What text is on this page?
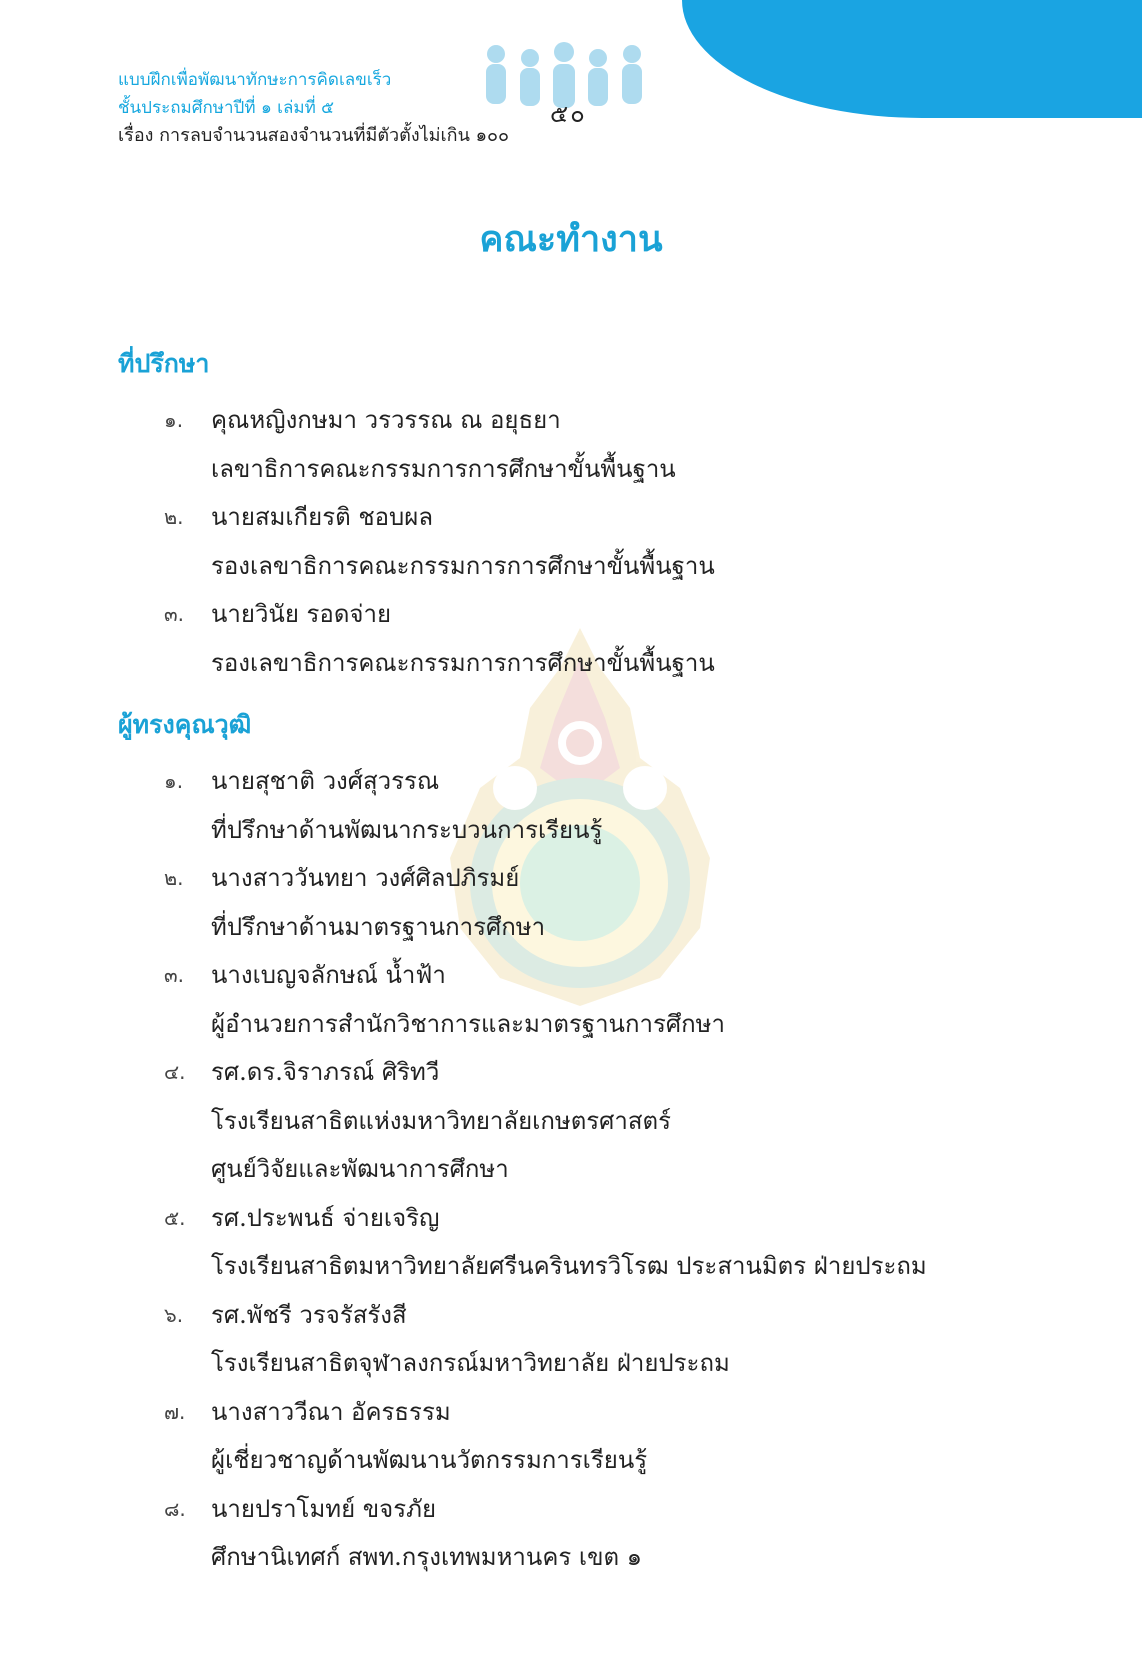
แบบฝึกเพื่อพัฒนาทักษะการคิดเลขเร็ว
ชั้นประถมศึกษาปีที่ ๑ เล่มที่ ๕
เรื่อง การลบจำนวนสองจำนวนที่มีตัวตั้งไม่เกิน ๑๐๐
๕๐
คณะทำงาน
ที่ปรึกษา
๑. คุณหญิงกษมา วรวรรณ ณ อยุธยา
เลขาธิการคณะกรรมการการศึกษาขั้นพื้นฐาน
๒. นายสมเกียรติ ชอบผล
รองเลขาธิการคณะกรรมการการศึกษาขั้นพื้นฐาน
๓. นายวินัย รอดจ่าย
รองเลขาธิการคณะกรรมการการศึกษาขั้นพื้นฐาน
ผู้ทรงคุณวุฒิ
๑. นายสุชาติ วงศ์สุวรรณ
ที่ปรึกษาด้านพัฒนากระบวนการเรียนรู้
๒. นางสาววันทยา วงศ์ศิลปภิรมย์
ที่ปรึกษาด้านมาตรฐานการศึกษา
๓. นางเบญจลักษณ์ น้ำฟ้า
ผู้อำนวยการสำนักวิชาการและมาตรฐานการศึกษา
๔. รศ.ดร.จิราภรณ์ ศิริทวี
โรงเรียนสาธิตแห่งมหาวิทยาลัยเกษตรศาสตร์
ศูนย์วิจัยและพัฒนาการศึกษา
๕. รศ.ประพนธ์ จ่ายเจริญ
โรงเรียนสาธิตมหาวิทยาลัยศรีนครินทรวิโรฒ ประสานมิตร ฝ่ายประถม
๖. รศ.พัชรี วรจรัสรังสี
โรงเรียนสาธิตจุฬาลงกรณ์มหาวิทยาลัย ฝ่ายประถม
๗. นางสาววีณา อัครธรรม
ผู้เชี่ยวชาญด้านพัฒนานวัตกรรมการเรียนรู้
๘. นายปราโมทย์ ขจรภัย
ศึกษานิเทศก์ สพท.กรุงเทพมหานคร เขต ๑
